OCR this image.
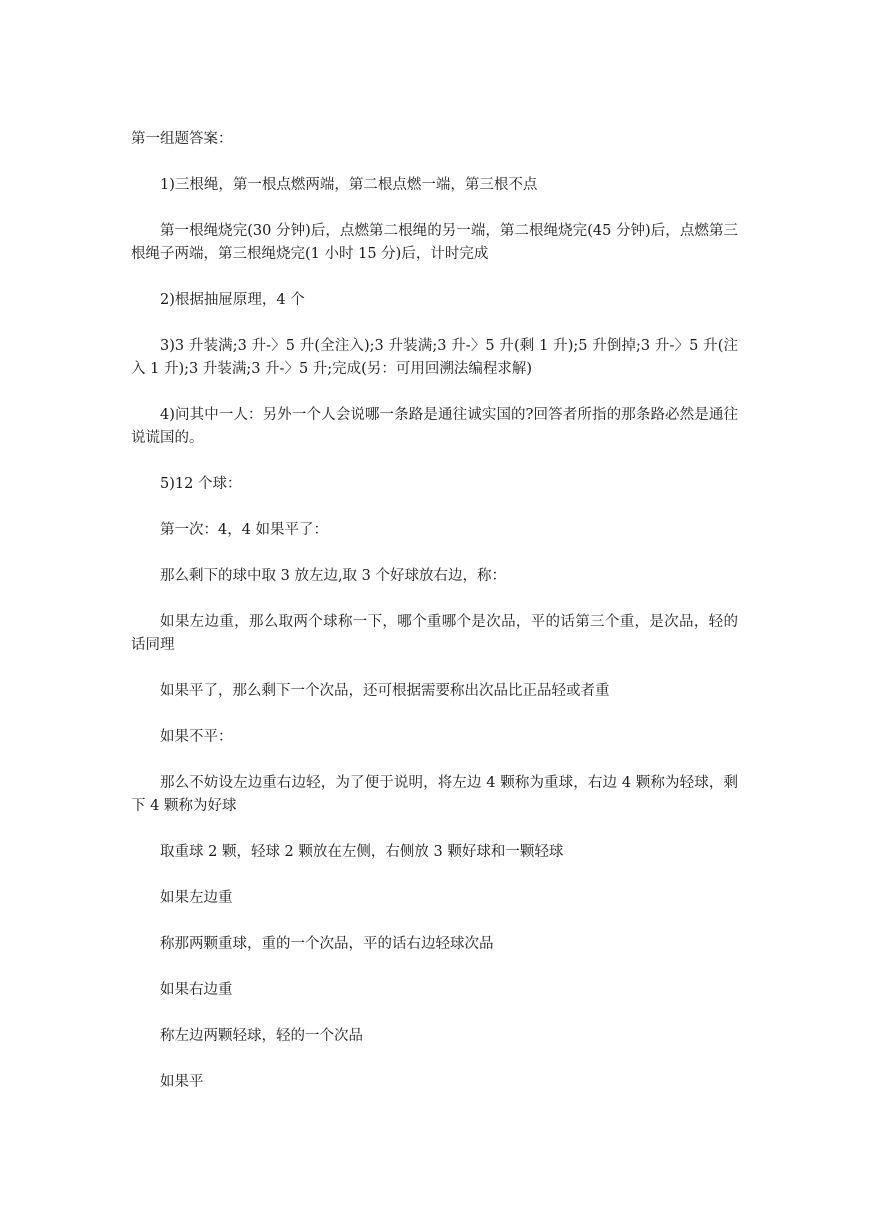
第一组题答案：

1)三根绳，第一根点燃两端，第二根点燃一端，第三根不点

第一根绳烧完(30 分钟)后，点燃第二根绳的另一端，第二根绳烧完(45 分钟)后，点燃第三根绳子两端，第三根绳烧完(1 小时 15 分)后，计时完成

2)根据抽屉原理，4 个

3)3 升装满;3 升-〉5 升(全注入);3 升装满;3 升-〉5 升(剩 1 升);5 升倒掉;3 升-〉5 升(注入 1 升);3 升装满;3 升-〉5 升;完成(另：可用回溯法编程求解)

4)问其中一人：另外一个人会说哪一条路是通往诚实国的?回答者所指的那条路必然是通往说谎国的。

5)12 个球：

第一次：4，4 如果平了：

那么剩下的球中取 3 放左边,取 3 个好球放右边，称：

如果左边重，那么取两个球称一下，哪个重哪个是次品，平的话第三个重，是次品，轻的话同理

如果平了，那么剩下一个次品，还可根据需要称出次品比正品轻或者重

如果不平：

那么不妨设左边重右边轻，为了便于说明，将左边 4 颗称为重球，右边 4 颗称为轻球，剩下 4 颗称为好球

取重球 2 颗，轻球 2 颗放在左侧，右侧放 3 颗好球和一颗轻球

如果左边重

称那两颗重球，重的一个次品，平的话右边轻球次品

如果右边重

称左边两颗轻球，轻的一个次品

如果平
